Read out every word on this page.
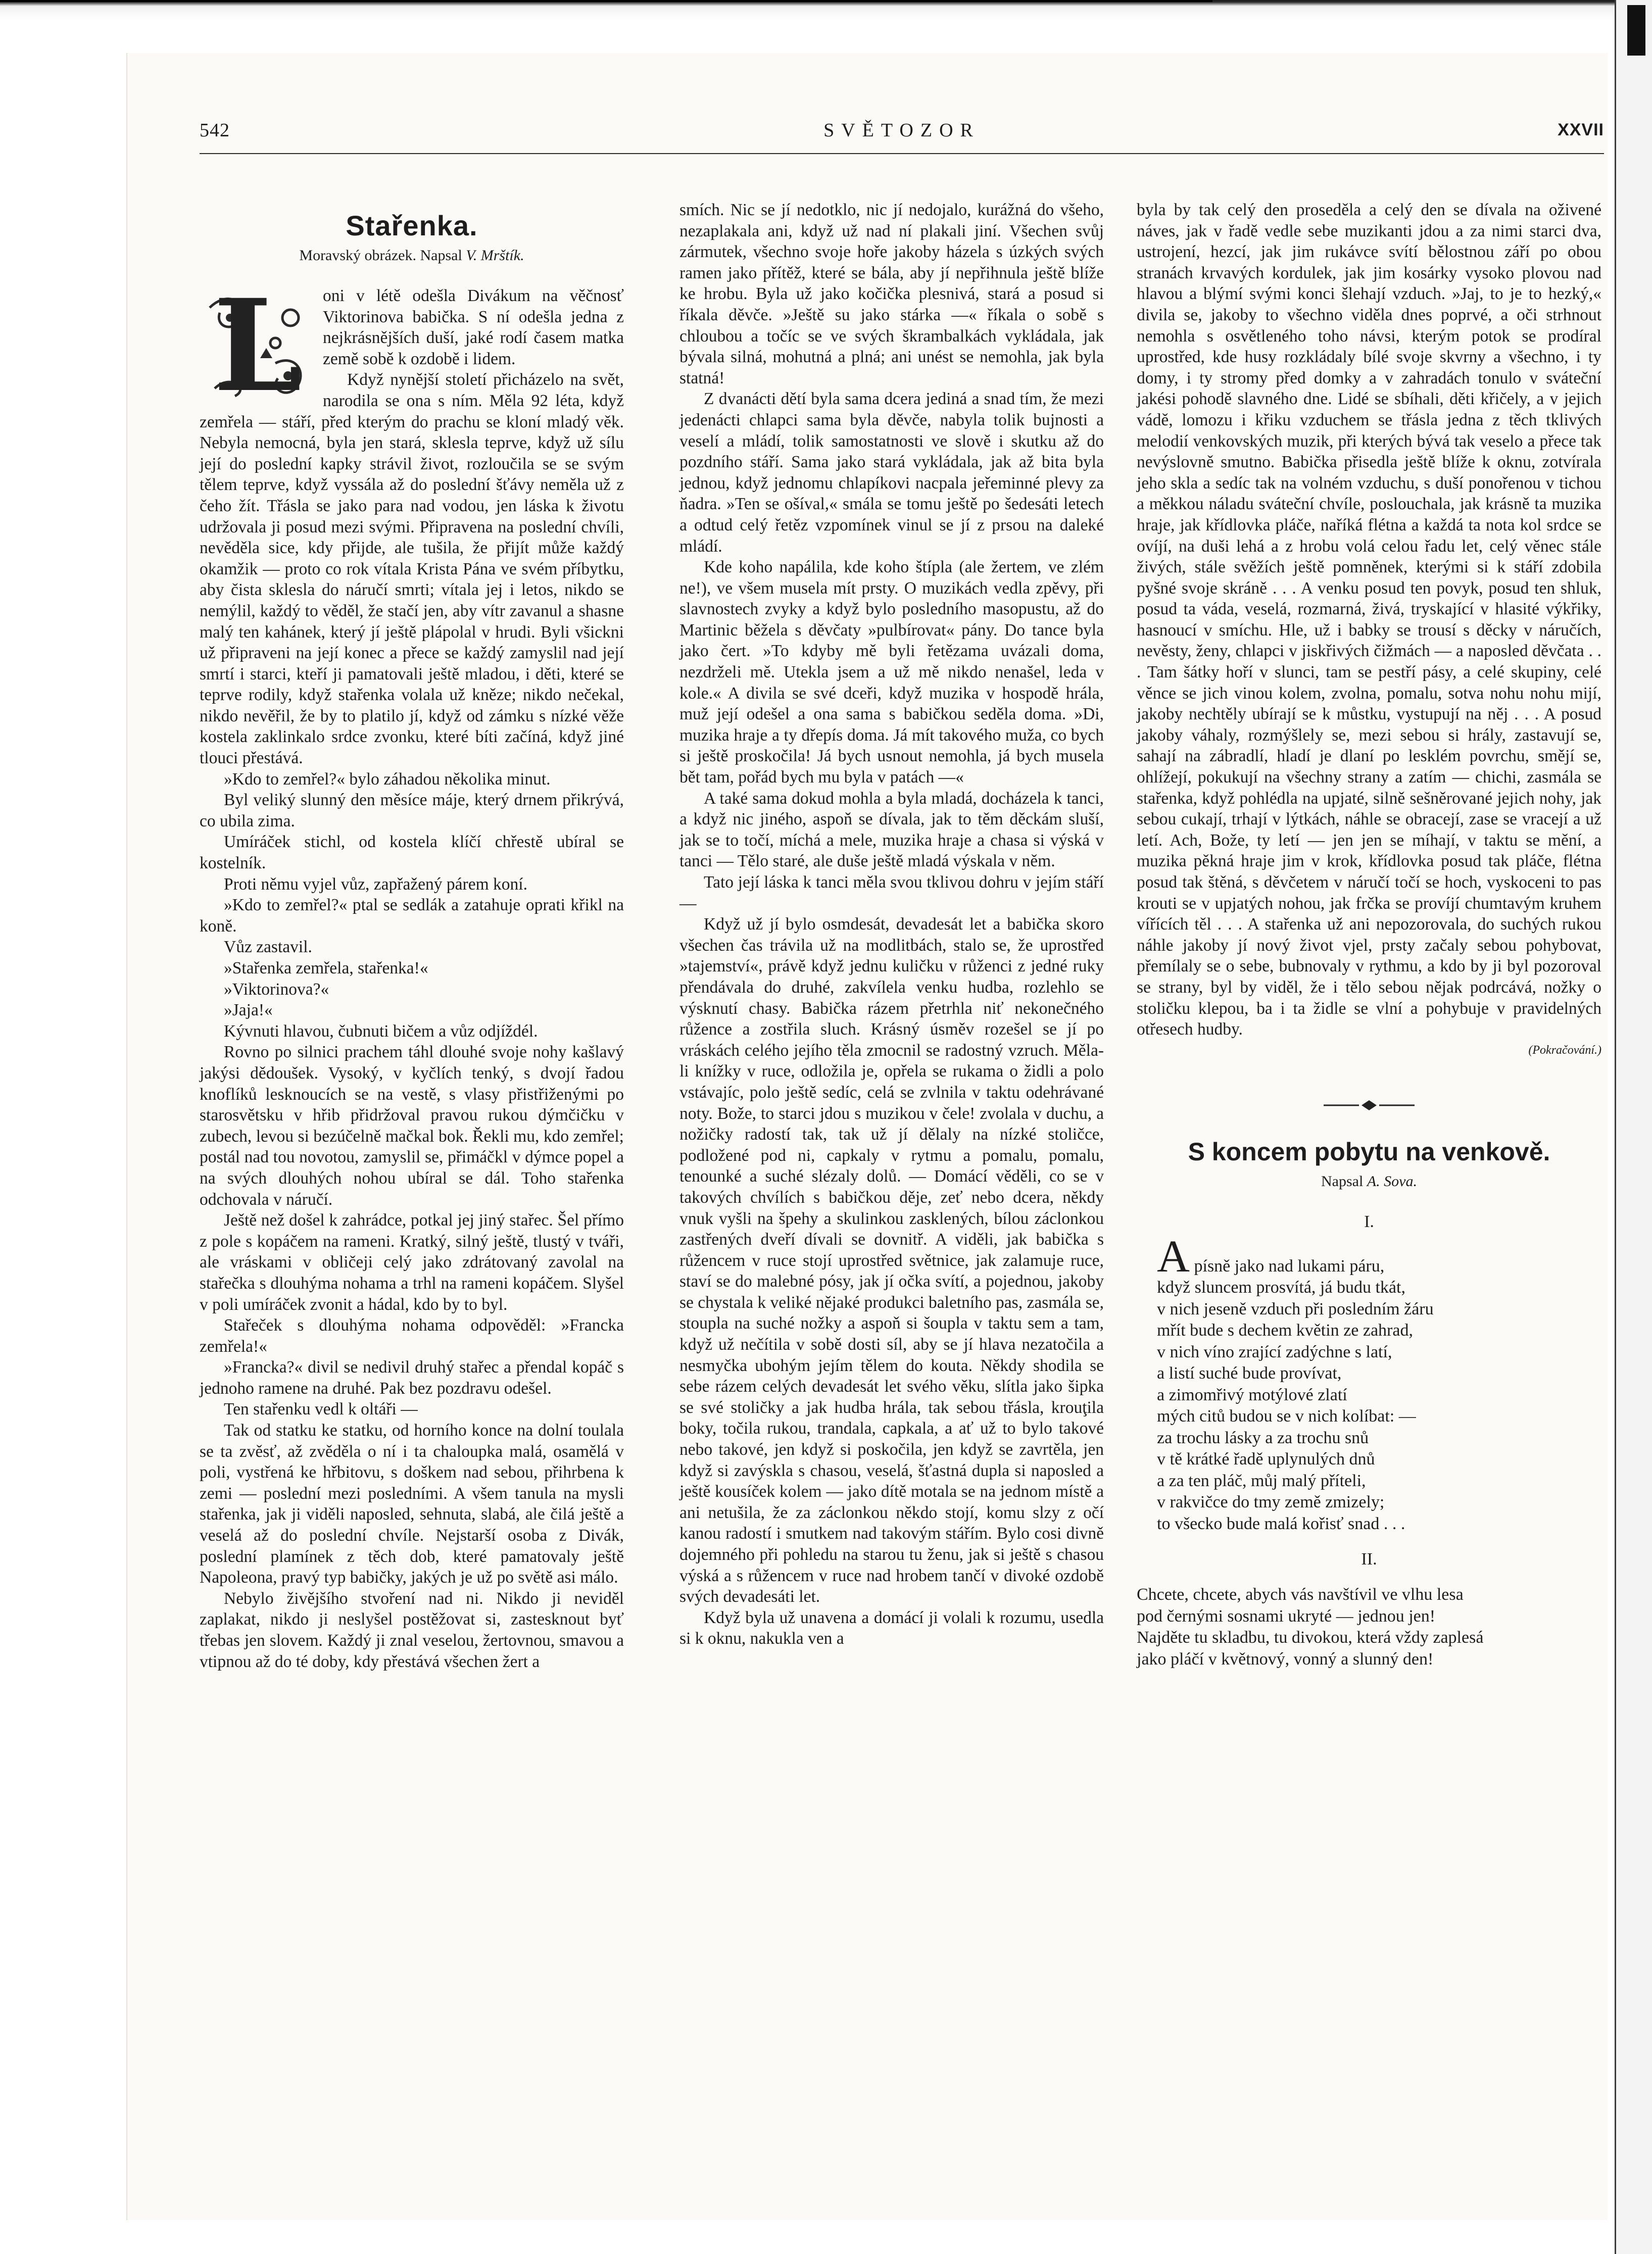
542	SVĚTOZOR	XXVII
Stařenka.
Moravský obrázek. Napsal V. Mrštík.
L	oni v létě odešla Divákum na věčnosť Viktorinova babička. S ní odešla jedna z nejkrásnějších duší, jaké rodí časem matka země sobě k ozdobě i lidem.

Když nynější století přicházelo na svět, narodila se ona s ním. Měla 92 léta, když zemřela — stáří, před kterým do prachu se kloní mladý věk. Nebyla nemocná, byla jen stará, sklesla teprve, když už sílu její do poslední kapky strávil život, rozloučila se se svým tělem teprve, když vyssála až do poslední šťávy neměla už z čeho žít. Třásla se jako para nad vodou, jen láska k životu udržovala ji posud mezi svými. Připravena na poslední chvíli, nevěděla sice, kdy přijde, ale tušila, že přijít může každý okamžik — proto co rok vítala Krista Pána ve svém příbytku, aby čista sklesla do náručí smrti; vítala jej i letos, nikdo se nemýlil, každý to věděl, že stačí jen, aby vítr zavanul a shasne malý ten kahánek, který jí ještě plápolal v hrudi. Byli všickni už připraveni na její konec a přece se každý zamyslil nad její smrtí i starci, kteří ji pamatovali ještě mladou, i děti, které se teprve rodily, když stařenka volala už kněze; nikdo nečekal, nikdo nevěřil, že by to platilo jí, když od zámku s nízké věže kostela zaklinkalo srdce zvonku, které bíti začíná, když jiné tlouci přestává.

»Kdo to zemřel?« bylo záhadou několika minut.

Byl veliký slunný den měsíce máje, který drnem přikrývá, co ubila zima.

Umíráček stichl, od kostela klíčí chřestě ubíral se kostelník.

Proti němu vyjel vůz, zapřažený párem koní.

»Kdo to zemřel?« ptal se sedlák a zatahuje oprati křikl na koně.

Vůz zastavil.

»Stařenka zemřela, stařenka!«

»Viktorinova?«

»Jaja!«

Kývnuti hlavou, čubnuti bičem a vůz odjíždél.

Rovno po silnici prachem táhl dlouhé svoje nohy kašlavý jakýsi dědoušek. Vysoký, v kyčlích tenký, s dvojí řadou knoflíků lesknoucích se na vestě, s vlasy přistřiženými po starosvětsku v hřib přidržoval pravou rukou dýmčičku v zubech, levou si bezúčelně mačkal bok. Řekli mu, kdo zemřel; postál nad tou novotou, zamyslil se, přimáčkl v dýmce popel a na svých dlouhých nohou ubíral se dál. Toho stařenka odchovala v náručí.

Ještě než došel k zahrádce, potkal jej jiný stařec. Šel přímo z pole s kopáčem na rameni. Kratký, silný ještě, tlustý v tváři, ale vráskami v obličeji celý jako zdrátovaný zavolal na stařečka s dlouhýma nohama a trhl na rameni kopáčem. Slyšel v poli umíráček zvonit a hádal, kdo by to byl.

Stařeček s dlouhýma nohama odpověděl: »Francka zemřela!«

»Francka?« divil se nedivil druhý stařec a přendal kopáč s jednoho ramene na druhé. Pak bez pozdravu odešel.

Ten stařenku vedl k oltáři —

Tak od statku ke statku, od horního konce na dolní toulala se ta zvěsť, až zvěděla o ní i ta chaloupka malá, osamělá v poli, vystřená ke hřbitovu, s doškem nad sebou, přihrbena k zemi — poslední mezi posledními. A všem tanula na mysli stařenka, jak ji viděli naposled, sehnuta, slabá, ale čilá ještě a veselá až do poslední chvíle. Nejstarší osoba z Divák, poslední plamínek z těch dob, které pamatovaly ještě Napoleona, pravý typ babičky, jakých je už po světě asi málo.

Nebylo živějšího stvoření nad ni. Nikdo ji neviděl zaplakat, nikdo ji neslyšel postěžovat si, zastesknout byť třebas jen slovem. Každý ji znal veselou, žertovnou, smavou a vtipnou až do té doby, kdy přestává všechen žert a

smích. Nic se jí nedotklo, nic jí nedojalo, kurážná do všeho, nezaplakala ani, když už nad ní plakali jiní. Všechen svůj zármutek, všechno svoje hoře jakoby házela s úzkých svých ramen jako přítěž, které se bála, aby jí nepřihnula ještě blíže ke hrobu. Byla už jako kočička plesnivá, stará a posud si říkala děvče. »Ještě su jako stárka —« říkala o sobě s chloubou a točíc se ve svých škrambalkách vykládala, jak bývala silná, mohutná a plná; ani unést se nemohla, jak byla statná!

Z dvanácti dětí byla sama dcera jediná a snad tím, že mezi jedenácti chlapci sama byla děvče, nabyla tolik bujnosti a veselí a mládí, tolik samostatnosti ve slově i skutku až do pozdního stáří. Sama jako stará vykládala, jak až bita byla jednou, když jednomu chlapíkovi nacpala jeřeminné plevy za ňadra. »Ten se ošíval,« smála se tomu ještě po šedesáti letech a odtud celý řetěz vzpomínek vinul se jí z prsou na daleké mládí.

Kde koho napálila, kde koho štípla (ale žertem, ve zlém ne!), ve všem musela mít prsty. O muzikách vedla zpěvy, při slavnostech zvyky a když bylo posledního masopustu, až do Martinic běžela s děvčaty »pulbírovat« pány. Do tance byla jako čert. »To kdyby mě byli řetězama uvázali doma, nezdrželi mě. Utekla jsem a už mě nikdo nenašel, leda v kole.« A divila se své dceři, když muzika v hospodě hrála, muž její odešel a ona sama s babičkou seděla doma. »Di, muzika hraje a ty dřepís doma. Já mít takového muža, co bych si ještě proskočila! Já bych usnout nemohla, já bych musela bět tam, pořád bych mu byla v patách —«

A také sama dokud mohla a byla mladá, docházela k tanci, a když nic jiného, aspoň se dívala, jak to těm děckám sluší, jak se to točí, míchá a mele, muzika hraje a chasa si výská v tanci — Tělo staré, ale duše ještě mladá výskala v něm.

Tato její láska k tanci měla svou tklivou dohru v jejím stáří —

Když už jí bylo osmdesát, devadesát let a babička skoro všechen čas trávila už na modlitbách, stalo se, že uprostřed »tajemství«, právě když jednu kuličku v růženci z jedné ruky přendávala do druhé, zakvílela venku hudba, rozlehlo se výsknutí chasy. Babička rázem přetrhla niť nekonečného růžence a zostřila sluch. Krásný úsměv rozešel se jí po vráskách celého jejího těla zmocnil se radostný vzruch. Měla-li knížky v ruce, odložila je, opřela se rukama o židli a polo vstávajíc, polo ještě sedíc, celá se zvlnila v taktu odehrávané noty. Bože, to starci jdou s muzikou v čele! zvolala v duchu, a nožičky radostí tak, tak už jí dělaly na nízké stoličce, podložené pod ni, capkaly v rytmu a pomalu, pomalu, tenounké a suché slézaly dolů. — Domácí věděli, co se v takových chvílích s babičkou děje, zeť nebo dcera, někdy vnuk vyšli na špehy a skulinkou zasklených, bílou záclonkou zastřených dveří dívali se dovnitř. A viděli, jak babička s růžencem v ruce stojí uprostřed světnice, jak zalamuje ruce, staví se do malebné pósy, jak jí očka svítí, a pojednou, jakoby se chystala k veliké nějaké produkci baletního pas, zasmála se, stoupla na suché nožky a aspoň si šoupla v taktu sem a tam, když už nečítila v sobě dosti síl, aby se jí hlava nezatočila a nesmyčka ubohým jejím tělem do kouta. Někdy shodila se sebe rázem celých devadesát let svého věku, slítla jako šipka se své stoličky a jak hudba hrála, tak sebou třásla, krouţila boky, točila rukou, trandala, capkala, a ať už to bylo takové nebo takové, jen když si poskočila, jen když se zavrtěla, jen když si zavýskla s chasou, veselá, šťastná dupla si naposled a ještě kousíček kolem — jako dítě motala se na jednom místě a ani netušila, že za záclonkou někdo stojí, komu slzy z očí kanou radostí i smutkem nad takovým stářím. Bylo cosi divně dojemného při pohledu na starou tu ženu, jak si ještě s chasou výská a s růžencem v ruce nad hrobem tančí v divoké ozdobě svých devadesáti let.

Když byla už unavena a domácí ji volali k rozumu, usedla si k oknu, nakukla ven a

byla by tak celý den proseděla a celý den se dívala na oživené náves, jak v řadě vedle sebe muzikanti jdou a za nimi starci dva, ustrojení, hezcí, jak jim rukávce svítí bělostnou září po obou stranách krvavých kordulek, jak jim kosárky vysoko plovou nad hlavou a blýmí svými konci šlehají vzduch. »Jaj, to je to hezký,« divila se, jakoby to všechno viděla dnes poprvé, a oči strhnout nemohla s osvětleného toho návsi, kterým potok se prodíral uprostřed, kde husy rozkládaly bílé svoje skvrny a všechno, i ty domy, i ty stromy před domky a v zahradách tonulo v sváteční jakési pohodě slavného dne. Lidé se sbíhali, děti křičely, a v jejich vádě, lomozu i křiku vzduchem se třásla jedna z těch tklivých melodií venkovských muzik, při kterých bývá tak veselo a přece tak nevýslovně smutno. Babička přisedla ještě blíže k oknu, zotvírala jeho skla a sedíc tak na volném vzduchu, s duší ponořenou v tichou a měkkou náladu sváteční chvíle, poslouchala, jak krásně ta muzika hraje, jak křídlovka pláče, naříká flétna a každá ta nota kol srdce se ovíjí, na duši lehá a z hrobu volá celou řadu let, celý věnec stále živých, stále svěžích ještě pomněnek, kterými si k stáří zdobila pyšné svoje skráně . . . A venku posud ten povyk, posud ten shluk, posud ta váda, veselá, rozmarná, živá, tryskající v hlasité výkřiky, hasnoucí v smíchu. Hle, už i babky se trousí s děcky v náručích, nevěsty, ženy, chlapci v jiskřivých čižmách — a naposled děvčata . . . Tam šátky hoří v slunci, tam se pestří pásy, a celé skupiny, celé věnce se jich vinou kolem, zvolna, pomalu, sotva nohu nohu mijí, jakoby nechtěly ubírají se k můstku, vystupují na něj . . . A posud jakoby váhaly, rozmýšlely se, mezi sebou si hrály, zastavují se, sahají na zábradlí, hladí je dlaní po lesklém povrchu, smějí se, ohlížejí, pokukují na všechny strany a zatím — chichi, zasmála se stařenka, když pohlédla na upjaté, silně sešněrované jejich nohy, jak sebou cukají, trhají v lýtkách, náhle se obracejí, zase se vracejí a už letí. Ach, Bože, ty letí — jen jen se míhají, v taktu se mění, a muzika pěkná hraje jim v krok, křídlovka posud tak pláče, flétna posud tak štěná, s děvčetem v náručí točí se hoch, vyskoceni to pas krouti se v upjatých nohou, jak frčka se províjí chumtavým kruhem vířících těl . . . A stařenka už ani nepozorovala, do suchých rukou náhle jakoby jí nový život vjel, prsty začaly sebou pohybovat, přemílaly se o sebe, bubnovaly v rythmu, a kdo by ji byl pozoroval se strany, byl by viděl, že i tělo sebou nějak podrcává, nožky o stoličku klepou, ba i ta židle se vlní a pohybuje v pravidelných otřesech hudby.

(Pokračování.)
S koncem pobytu na venkově.
Napsal A. Sova.
I.
A písně jako nad lukami páru,
když sluncem prosvítá, já budu tkát,
v nich jeseně vzduch při posledním žáru
mřít bude s dechem květin ze zahrad,
v nich víno zrající zadýchne s latí,
a listí suché bude provívat,
a zimomřivý motýlové zlatí
mých citů budou se v nich kolíbat: —
za trochu lásky a za trochu snů
v tě krátké řadě uplynulých dnů
a za ten pláč, můj malý příteli,
v rakvičce do tmy země zmizely;
to všecko bude malá kořisť snad . . .
II.
Chcete, chcete, abych vás navštívil ve vlhu lesa
pod černými sosnami ukryté — jednou jen!
Najděte tu skladbu, tu divokou, která vždy zaplesá
jako pláčí v květnový, vonný a slunný den!
